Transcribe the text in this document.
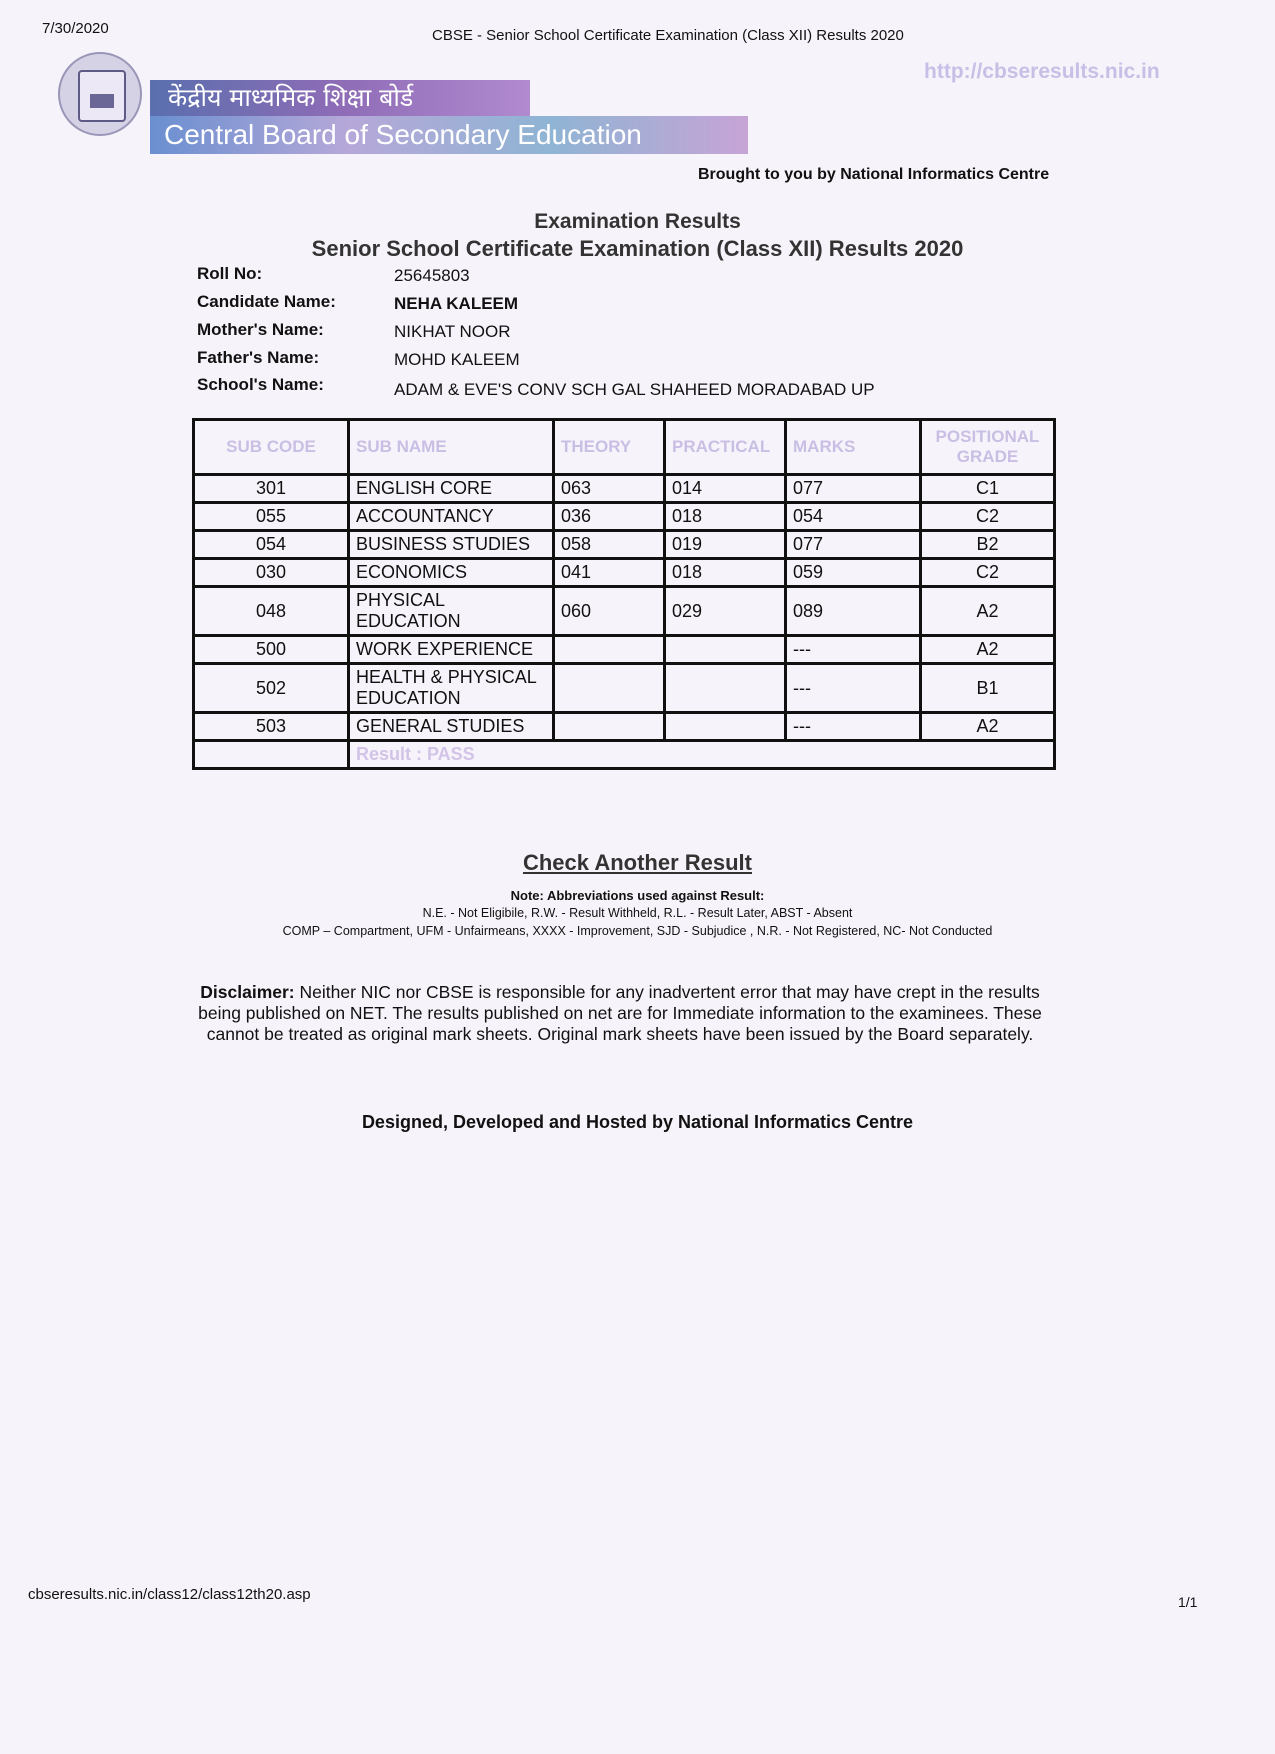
7/30/2020	CBSE - Senior School Certificate Examination (Class XII) Results 2020
केंद्रीय माध्यमिक शिक्षा बोर्ड
Central Board of Secondary Education
http://cbseresults.nic.in
Brought to you by National Informatics Centre
Examination Results
Senior School Certificate Examination (Class XII) Results 2020
Roll No:	25645803
Candidate Name:	NEHA KALEEM
Mother's Name:	NIKHAT NOOR
Father's Name:	MOHD KALEEM
School's Name:	ADAM & EVE'S CONV SCH GAL SHAHEED MORADABAD UP
SUB CODE	SUB NAME	THEORY	PRACTICAL	MARKS	POSITIONAL GRADE
301	ENGLISH CORE	063	014	077	C1
055	ACCOUNTANCY	036	018	054	C2
054	BUSINESS STUDIES	058	019	077	B2
030	ECONOMICS	041	018	059	C2
048	PHYSICAL EDUCATION	060	029	089	A2
500	WORK EXPERIENCE			---	A2
502	HEALTH & PHYSICAL EDUCATION			---	B1
503	GENERAL STUDIES			---	A2
	Result : PASS				
Check Another Result
Note: Abbreviations used against Result:
N.E. - Not Eligibile, R.W. - Result Withheld, R.L. - Result Later, ABST - Absent
COMP – Compartment, UFM - Unfairmeans, XXXX - Improvement, SJD - Subjudice , N.R. - Not Registered, NC- Not Conducted
Disclaimer: Neither NIC nor CBSE is responsible for any inadvertent error that may have crept in the results being published on NET. The results published on net are for Immediate information to the examinees. These cannot be treated as original mark sheets. Original mark sheets have been issued by the Board separately.
Designed, Developed and Hosted by National Informatics Centre
cbseresults.nic.in/class12/class12th20.asp	1/1
